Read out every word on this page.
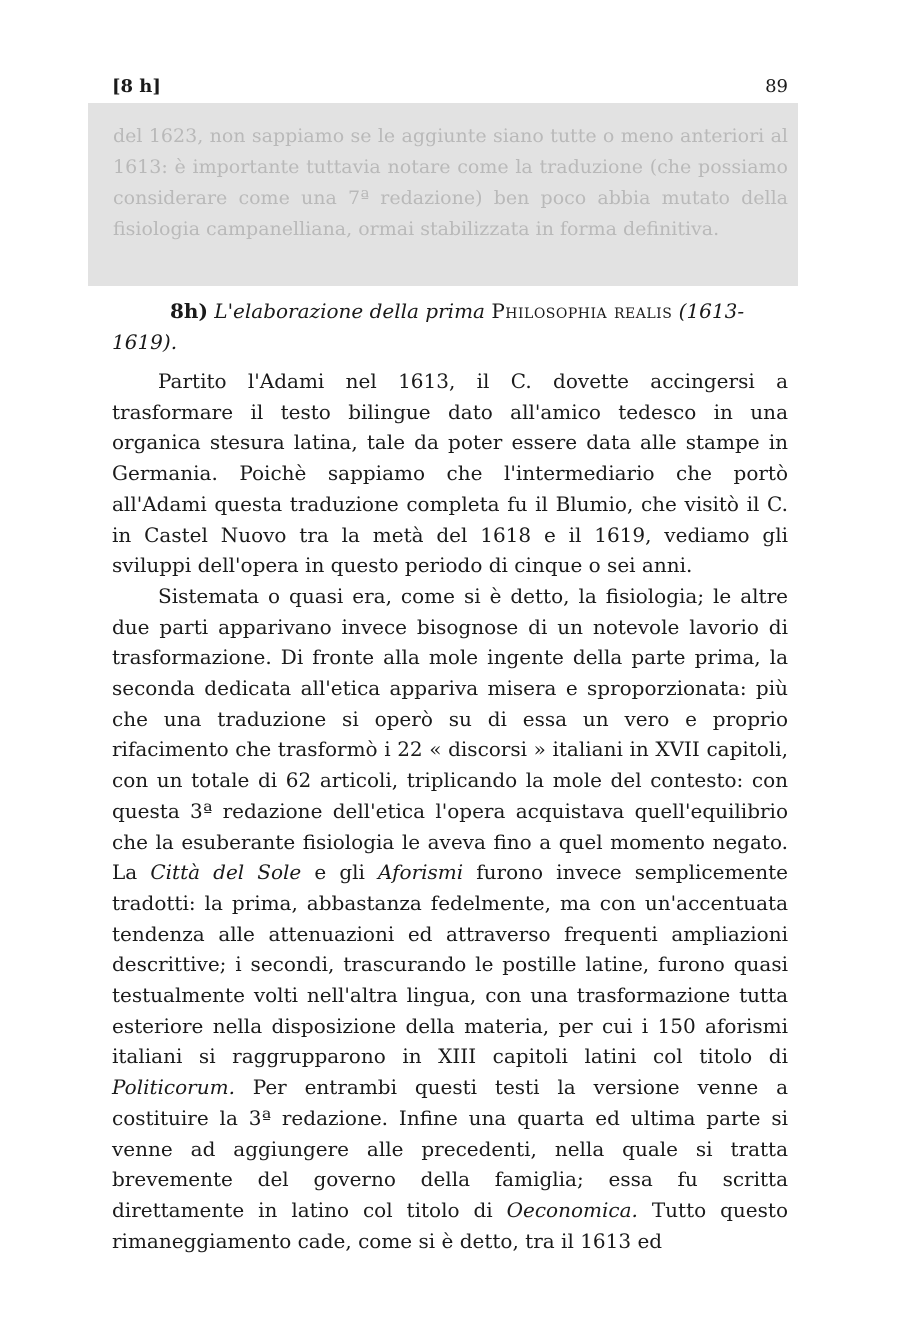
[8 h]	89
del 1623, non sappiamo se le aggiunte siano tutte o meno anteriori al 1613: è importante tuttavia notare come la traduzione (che possiamo considerare come una 7ª redazione) ben poco abbia mutato della fisiologia campanelliana, ormai stabilizzata in forma definitiva.
8h) L'elaborazione della prima Philosophia realis (1613-1619).

Partito l'Adami nel 1613, il C. dovette accingersi a trasformare il testo bilingue dato all'amico tedesco in una organica stesura latina, tale da poter essere data alle stampe in Germania. Poichè sappiamo che l'intermediario che portò all'Adami questa traduzione completa fu il Blumio, che visitò il C. in Castel Nuovo tra la metà del 1618 e il 1619, vediamo gli sviluppi dell'opera in questo periodo di cinque o sei anni.

Sistemata o quasi era, come si è detto, la fisiologia; le altre due parti apparivano invece bisognose di un notevole lavorio di trasformazione. Di fronte alla mole ingente della parte prima, la seconda dedicata all'etica appariva misera e sproporzionata: più che una traduzione si operò su di essa un vero e proprio rifacimento che trasformò i 22 « discorsi » italiani in XVII capitoli, con un totale di 62 articoli, triplicando la mole del contesto: con questa 3ª redazione dell'etica l'opera acquistava quell'equilibrio che la esuberante fisiologia le aveva fino a quel momento negato. La Città del Sole e gli Aforismi furono invece semplicemente tradotti: la prima, abbastanza fedelmente, ma con un'accentuata tendenza alle attenuazioni ed attraverso frequenti ampliazioni descrittive; i secondi, trascurando le postille latine, furono quasi testualmente volti nell'altra lingua, con una trasformazione tutta esteriore nella disposizione della materia, per cui i 150 aforismi italiani si raggrupparono in XIII capitoli latini col titolo di Politicorum. Per entrambi questi testi la versione venne a costituire la 3ª redazione. Infine una quarta ed ultima parte si venne ad aggiungere alle precedenti, nella quale si tratta brevemente del governo della famiglia; essa fu scritta direttamente in latino col titolo di Oeconomica. Tutto questo rimaneggiamento cade, come si è detto, tra il 1613 ed
